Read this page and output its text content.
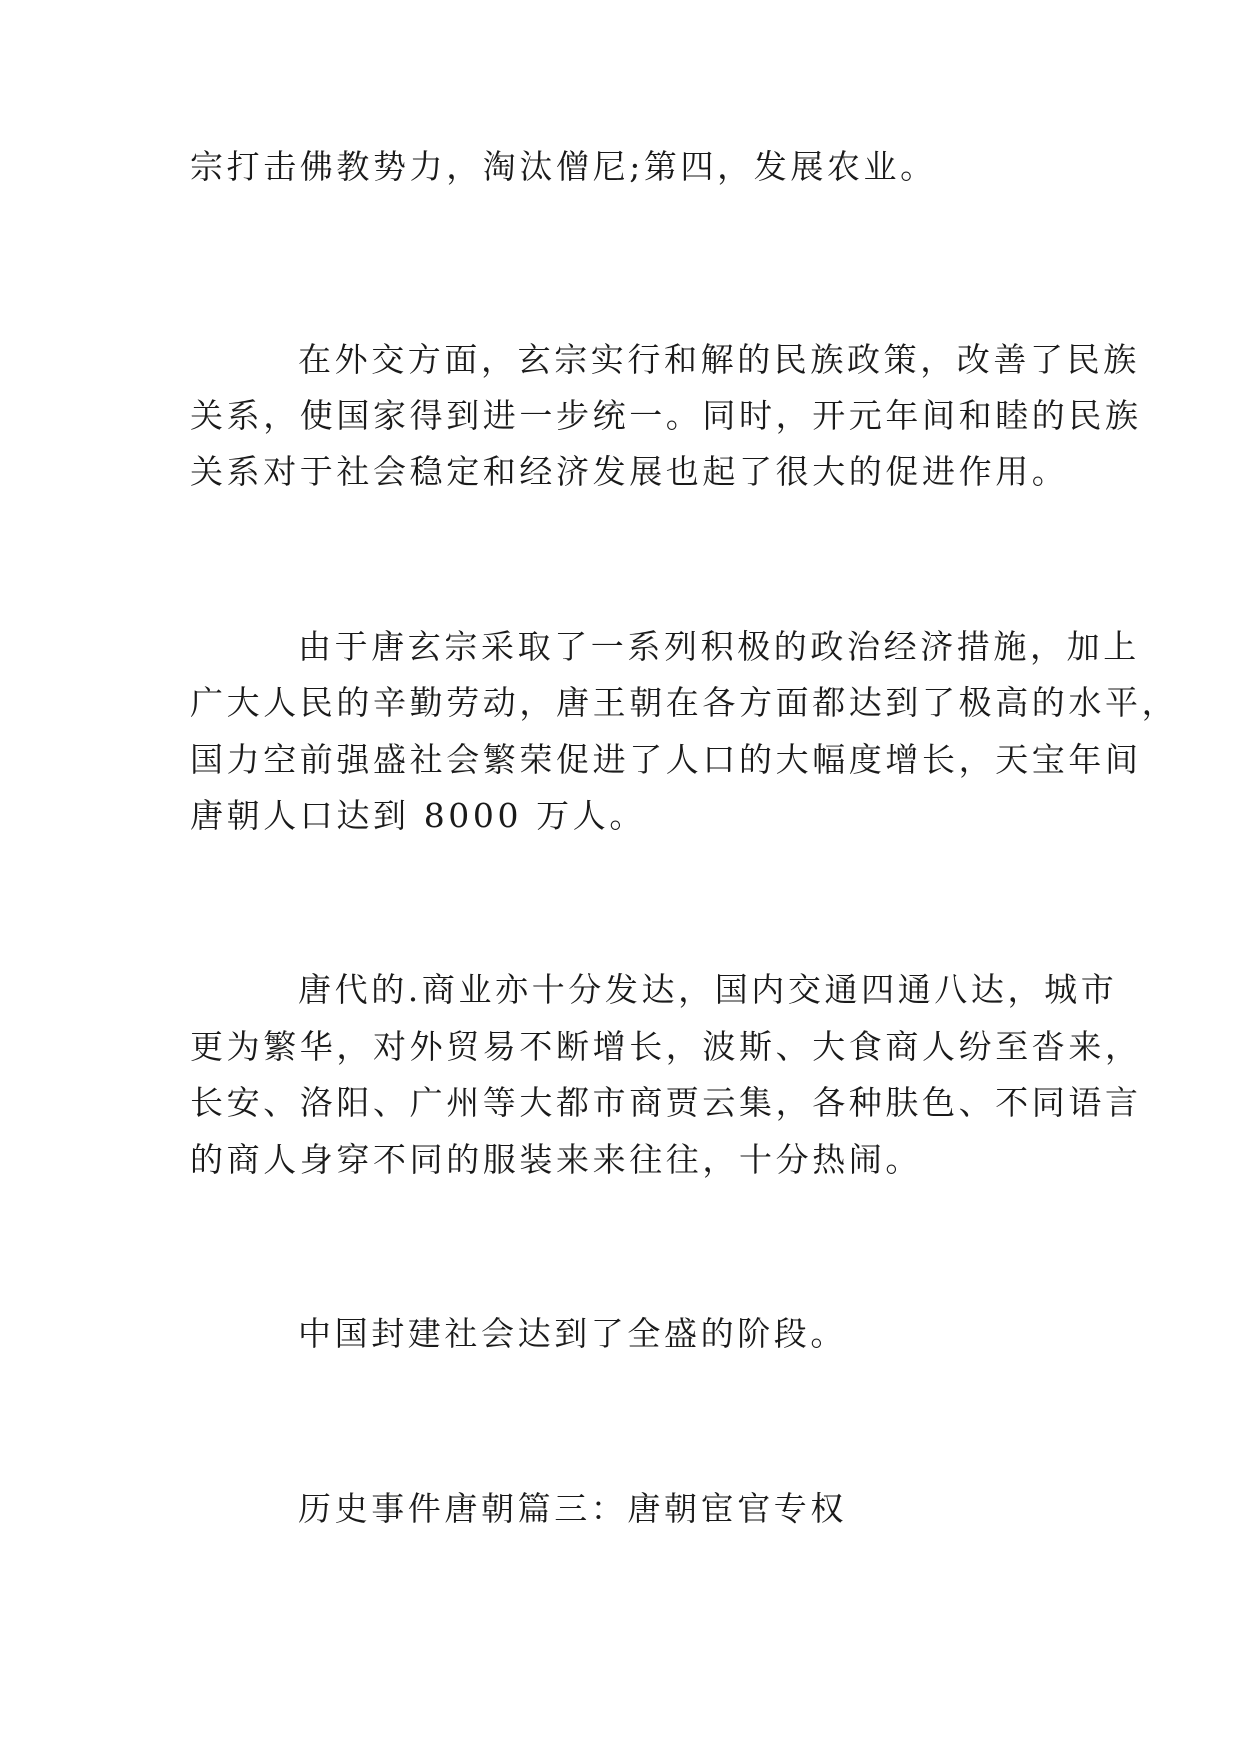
宗打击佛教势力，淘汰僧尼;第四，发展农业。
在外交方面，玄宗实行和解的民族政策，改善了民族
关系，使国家得到进一步统一。同时，开元年间和睦的民族
关系对于社会稳定和经济发展也起了很大的促进作用。
由于唐玄宗采取了一系列积极的政治经济措施，加上
广大人民的辛勤劳动，唐王朝在各方面都达到了极高的水平，
国力空前强盛社会繁荣促进了人口的大幅度增长，天宝年间
唐朝人口达到 8000 万人。
唐代的.商业亦十分发达，国内交通四通八达，城市
更为繁华，对外贸易不断增长，波斯、大食商人纷至沓来，
长安、洛阳、广州等大都市商贾云集，各种肤色、不同语言
的商人身穿不同的服装来来往往，十分热闹。
中国封建社会达到了全盛的阶段。
历史事件唐朝篇三：唐朝宦官专权
